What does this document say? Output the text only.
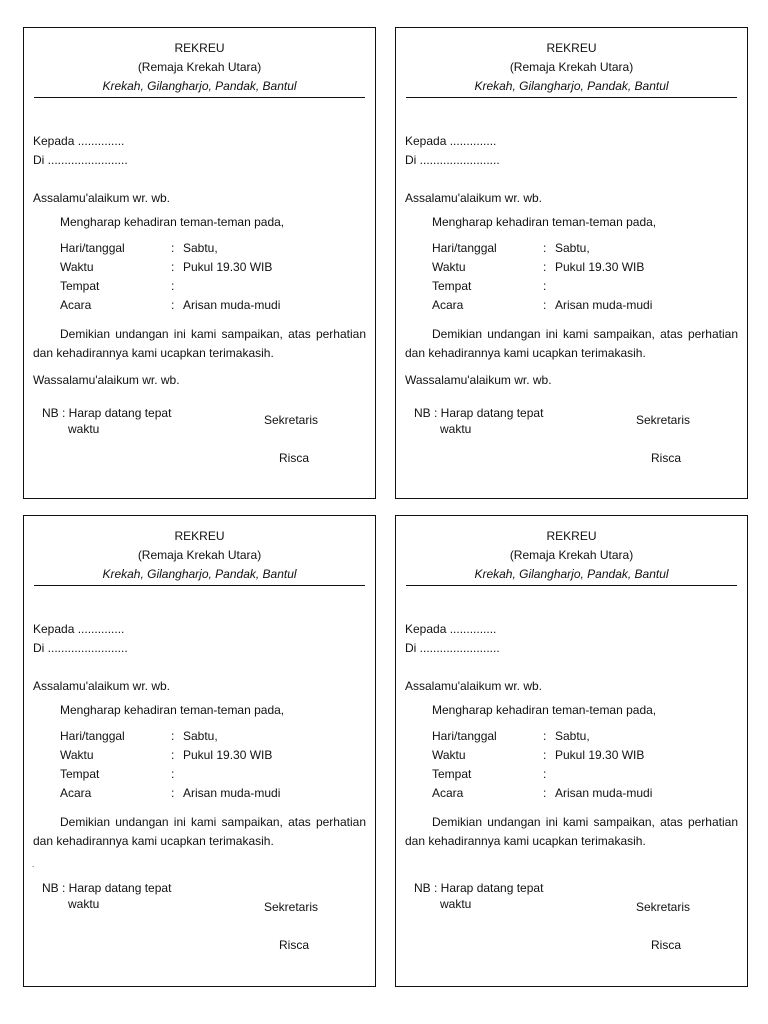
REKREU

(Remaja Krekah Utara)

Krekah, Gilangharjo, Pandak, Bantul

Kepada ..............

Di ........................

Assalamu'alaikum wr. wb.

Mengharap kehadiran teman-teman pada,

Hari/tanggal	: Sabtu,

Waktu	: Pukul 19.30 WIB

Tempat	:

Acara	: Arisan muda-mudi

Demikian undangan ini kami sampaikan, atas perhatian dan kehadirannya kami ucapkan terimakasih.

Wassalamu'alaikum wr. wb.

NB : Harap datang tepat
waktu

Sekretaris

Risca

REKREU

(Remaja Krekah Utara)

Krekah, Gilangharjo, Pandak, Bantul

Kepada ..............

Di ........................

Assalamu'alaikum wr. wb.

Mengharap kehadiran teman-teman pada,

Hari/tanggal	: Sabtu,

Waktu	: Pukul 19.30 WIB

Tempat	:

Acara	: Arisan muda-mudi

Demikian undangan ini kami sampaikan, atas perhatian dan kehadirannya kami ucapkan terimakasih.

Wassalamu'alaikum wr. wb.

NB : Harap datang tepat
waktu

Sekretaris

Risca

REKREU

(Remaja Krekah Utara)

Krekah, Gilangharjo, Pandak, Bantul

Kepada ..............

Di ........................

Assalamu'alaikum wr. wb.

Mengharap kehadiran teman-teman pada,

Hari/tanggal	: Sabtu,

Waktu	: Pukul 19.30 WIB

Tempat	:

Acara	: Arisan muda-mudi

Demikian undangan ini kami sampaikan, atas perhatian dan kehadirannya kami ucapkan terimakasih.

.

NB : Harap datang tepat
waktu	Sekretaris

Risca

REKREU

(Remaja Krekah Utara)

Krekah, Gilangharjo, Pandak, Bantul

Kepada ..............

Di ........................

Assalamu'alaikum wr. wb.

Mengharap kehadiran teman-teman pada,

Hari/tanggal	: Sabtu,

Waktu	: Pukul 19.30 WIB

Tempat	:

Acara	: Arisan muda-mudi

Demikian undangan ini kami sampaikan, atas perhatian dan kehadirannya kami ucapkan terimakasih.

NB : Harap datang tepat
waktu	Sekretaris

Risca
